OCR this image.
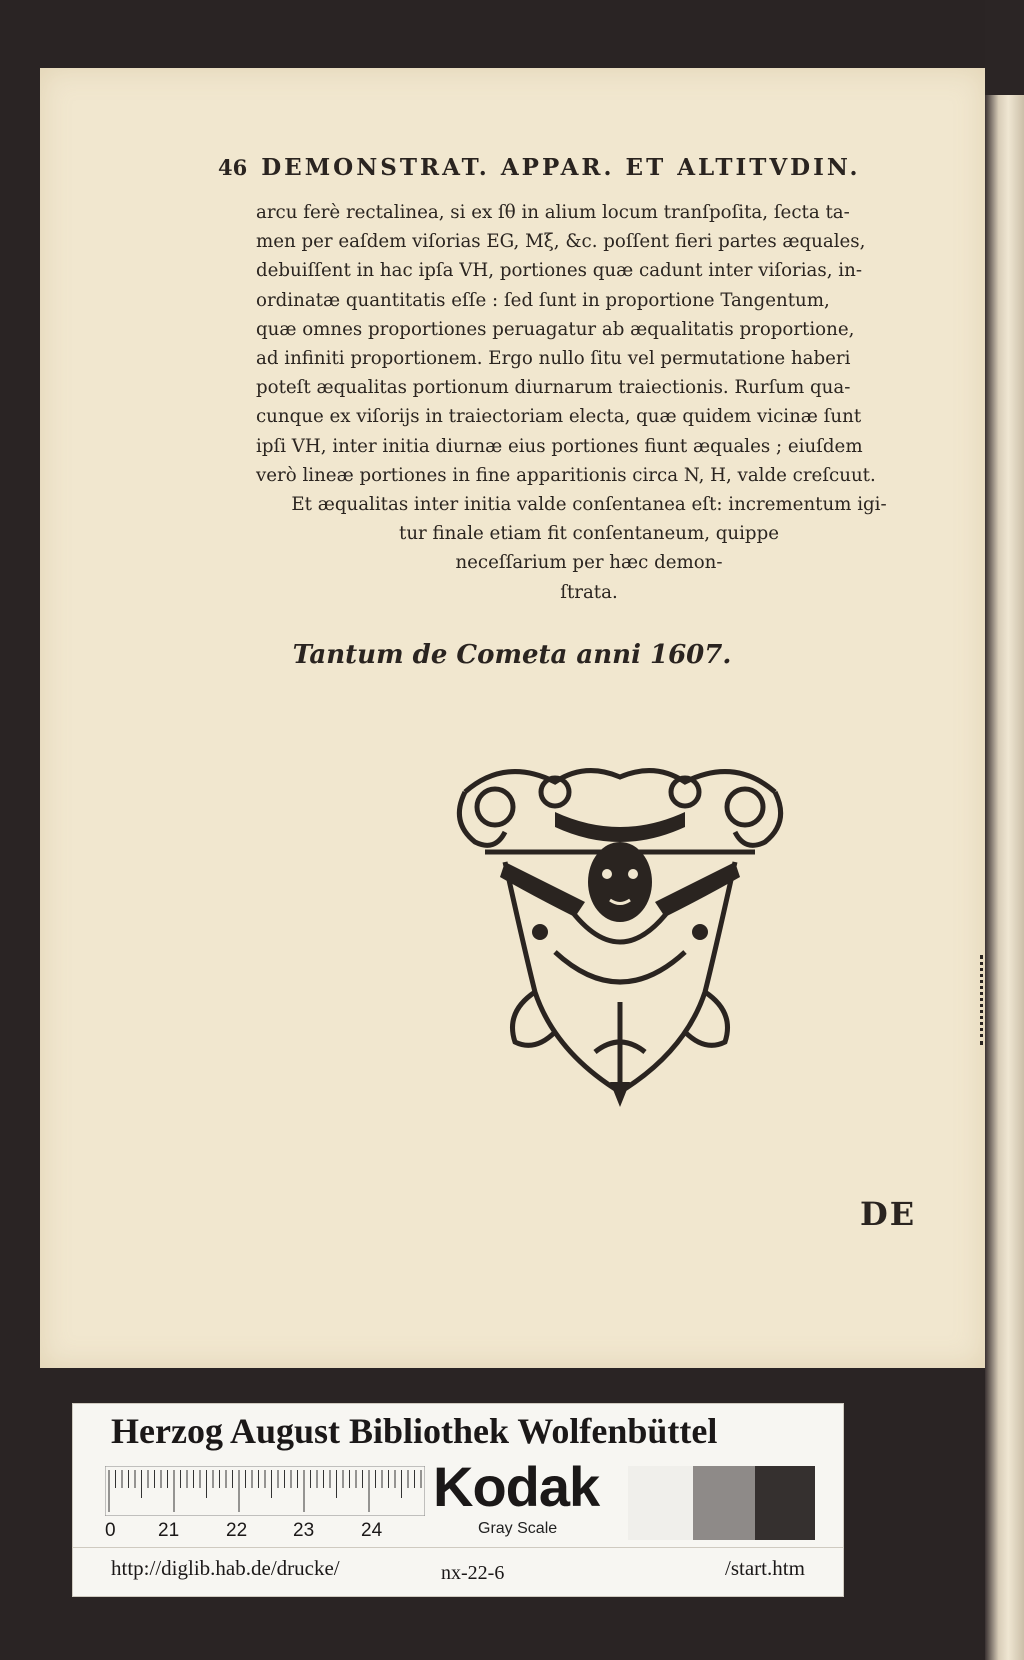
46 DEMONSTRAT. APPAR. ET ALTITVDIN.
arcu ferè rectalinea, si ex ſθ in alium locum tranſpoſita, ſecta ta-
men per eaſdem viſorias EG, Mξ, &c. poſſent fieri partes æquales,
debuiſſent in hac ipſa VH, portiones quæ cadunt inter viſorias, in-
ordinatæ quantitatis eſſe : ſed ſunt in proportione Tangentum,
quæ omnes proportiones peruagatur ab æqualitatis proportione,
ad infiniti proportionem. Ergo nullo ſitu vel permutatione haberi
poteſt æqualitas portionum diurnarum traiectionis. Rurſum qua-
cunque ex viſorijs in traiectoriam electa, quæ quidem vicinæ ſunt
ipſi VH, inter initia diurnæ eius portiones fiunt æquales ; eiuſdem
verò lineæ portiones in fine apparitionis circa N, H, valde creſcuut.
Et æqualitas inter initia valde conſentanea eſt: incrementum igi-
tur finale etiam fit conſentaneum, quippe
neceſſarium per hæc demon-
ſtrata.
Tantum de Cometa anni 1607.
DE
Herzog August Bibliothek Wolfenbüttel
0 21 22 23 24
Kodak
Gray Scale
http://diglib.hab.de/drucke/	nx-22-6	/start.htm
